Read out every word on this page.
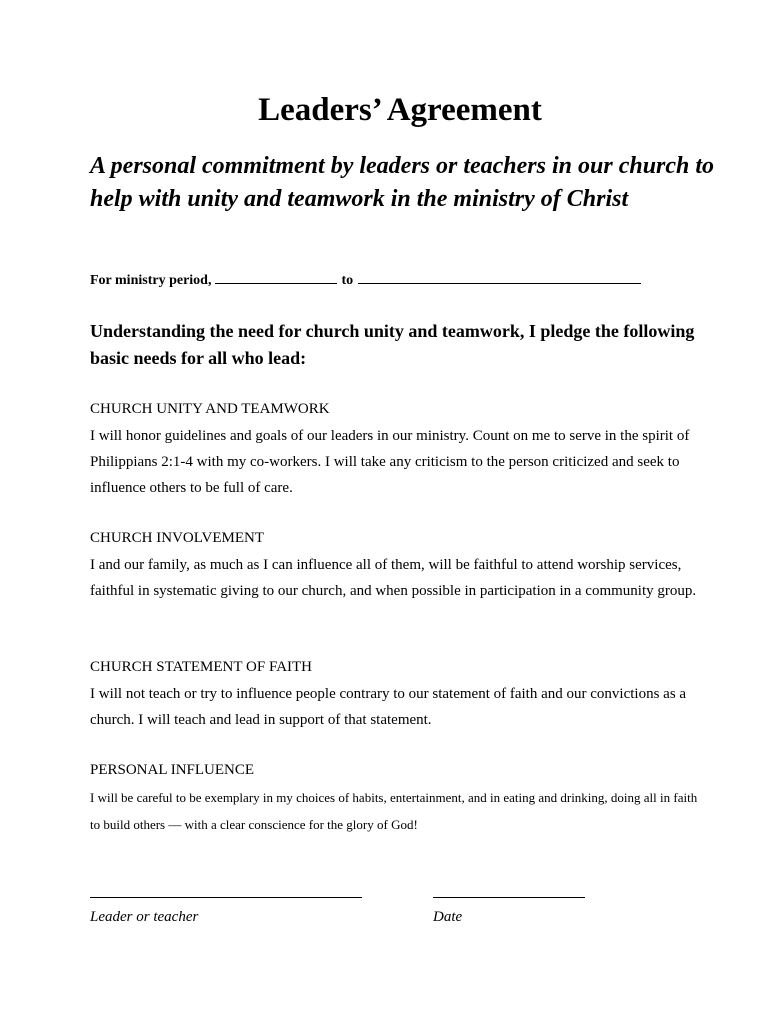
Leaders’ Agreement
A personal commitment by leaders or teachers in our church to help with unity and teamwork in the ministry of Christ
For ministry period,	to

Understanding the need for church unity and teamwork, I pledge the following basic needs for all who lead:

CHURCH UNITY AND TEAMWORK

I will honor guidelines and goals of our leaders in our ministry. Count on me to serve in the spirit of Philippians 2:1-4 with my co-workers. I will take any criticism to the person criticized and seek to influence others to be full of care.

CHURCH INVOLVEMENT

I and our family, as much as I can influence all of them, will be faithful to attend worship services, faithful in systematic giving to our church, and when possible in participation in a community group.

CHURCH STATEMENT OF FAITH

I will not teach or try to influence people contrary to our statement of faith and our convictions as a church. I will teach and lead in support of that statement.

PERSONAL INFLUENCE

I will be careful to be exemplary in my choices of habits, entertainment, and in eating and drinking, doing all in faith to build others — with a clear conscience for the glory of God!

Leader or teacher	Date
